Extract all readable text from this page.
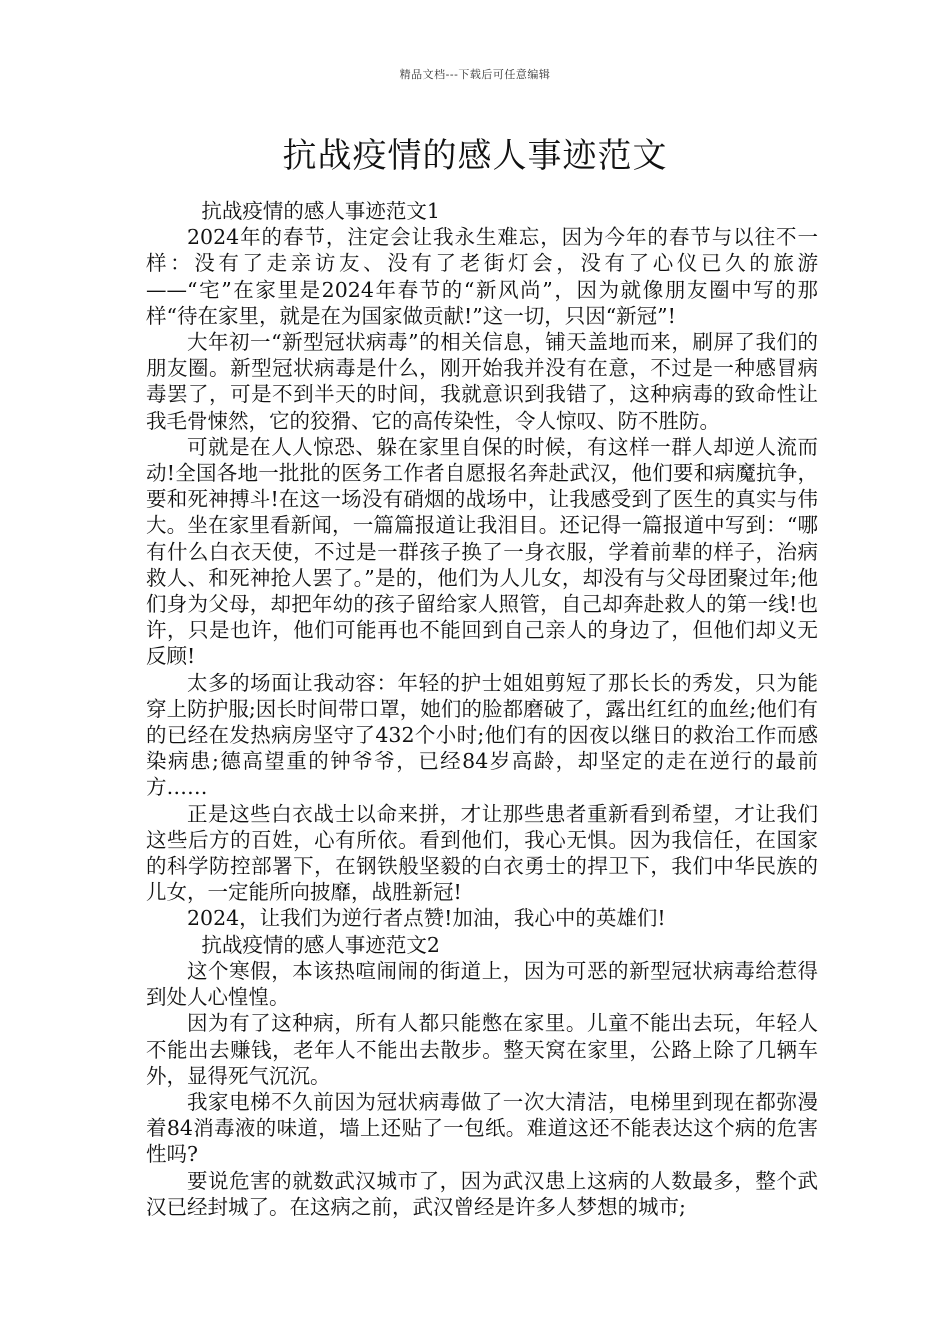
精品文档---下载后可任意编辑
抗战疫情的感人事迹范文

抗战疫情的感人事迹范文1

2024年的春节，注定会让我永生难忘，因为今年的春节与以往不一样：没有了走亲访友、没有了老街灯会，没有了心仪已久的旅游——“宅”在家里是2024年春节的“新风尚”，因为就像朋友圈中写的那样“待在家里，就是在为国家做贡献!”这一切，只因“新冠”!

大年初一“新型冠状病毒”的相关信息，铺天盖地而来，刷屏了我们的朋友圈。新型冠状病毒是什么，刚开始我并没有在意，不过是一种感冒病毒罢了，可是不到半天的时间，我就意识到我错了，这种病毒的致命性让我毛骨悚然，它的狡猾、它的高传染性，令人惊叹、防不胜防。

可就是在人人惊恐、躲在家里自保的时候，有这样一群人却逆人流而动!全国各地一批批的医务工作者自愿报名奔赴武汉，他们要和病魔抗争，要和死神搏斗!在这一场没有硝烟的战场中，让我感受到了医生的真实与伟大。坐在家里看新闻，一篇篇报道让我泪目。还记得一篇报道中写到：“哪有什么白衣天使，不过是一群孩子换了一身衣服，学着前辈的样子，治病救人、和死神抢人罢了。”是的，他们为人儿女，却没有与父母团聚过年;他们身为父母，却把年幼的孩子留给家人照管，自己却奔赴救人的第一线!也许，只是也许，他们可能再也不能回到自己亲人的身边了，但他们却义无反顾!

太多的场面让我动容：年轻的护士姐姐剪短了那长长的秀发，只为能穿上防护服;因长时间带口罩，她们的脸都磨破了，露出红红的血丝;他们有的已经在发热病房坚守了432个小时;他们有的因夜以继日的救治工作而感染病患;德高望重的钟爷爷，已经84岁高龄，却坚定的走在逆行的最前方……

正是这些白衣战士以命来拼，才让那些患者重新看到希望，才让我们这些后方的百姓，心有所依。看到他们，我心无惧。因为我信任，在国家的科学防控部署下，在钢铁般坚毅的白衣勇士的捍卫下，我们中华民族的儿女，一定能所向披靡，战胜新冠!

2024，让我们为逆行者点赞!加油，我心中的英雄们!

抗战疫情的感人事迹范文2

这个寒假，本该热喧闹闹的街道上，因为可恶的新型冠状病毒给惹得到处人心惶惶。

因为有了这种病，所有人都只能憋在家里。儿童不能出去玩，年轻人不能出去赚钱，老年人不能出去散步。整天窝在家里，公路上除了几辆车外，显得死气沉沉。

我家电梯不久前因为冠状病毒做了一次大清洁，电梯里到现在都弥漫着84消毒液的味道，墙上还贴了一包纸。难道这还不能表达这个病的危害性吗?

要说危害的就数武汉城市了，因为武汉患上这病的人数最多，整个武汉已经封城了。在这病之前，武汉曾经是许多人梦想的城市;
